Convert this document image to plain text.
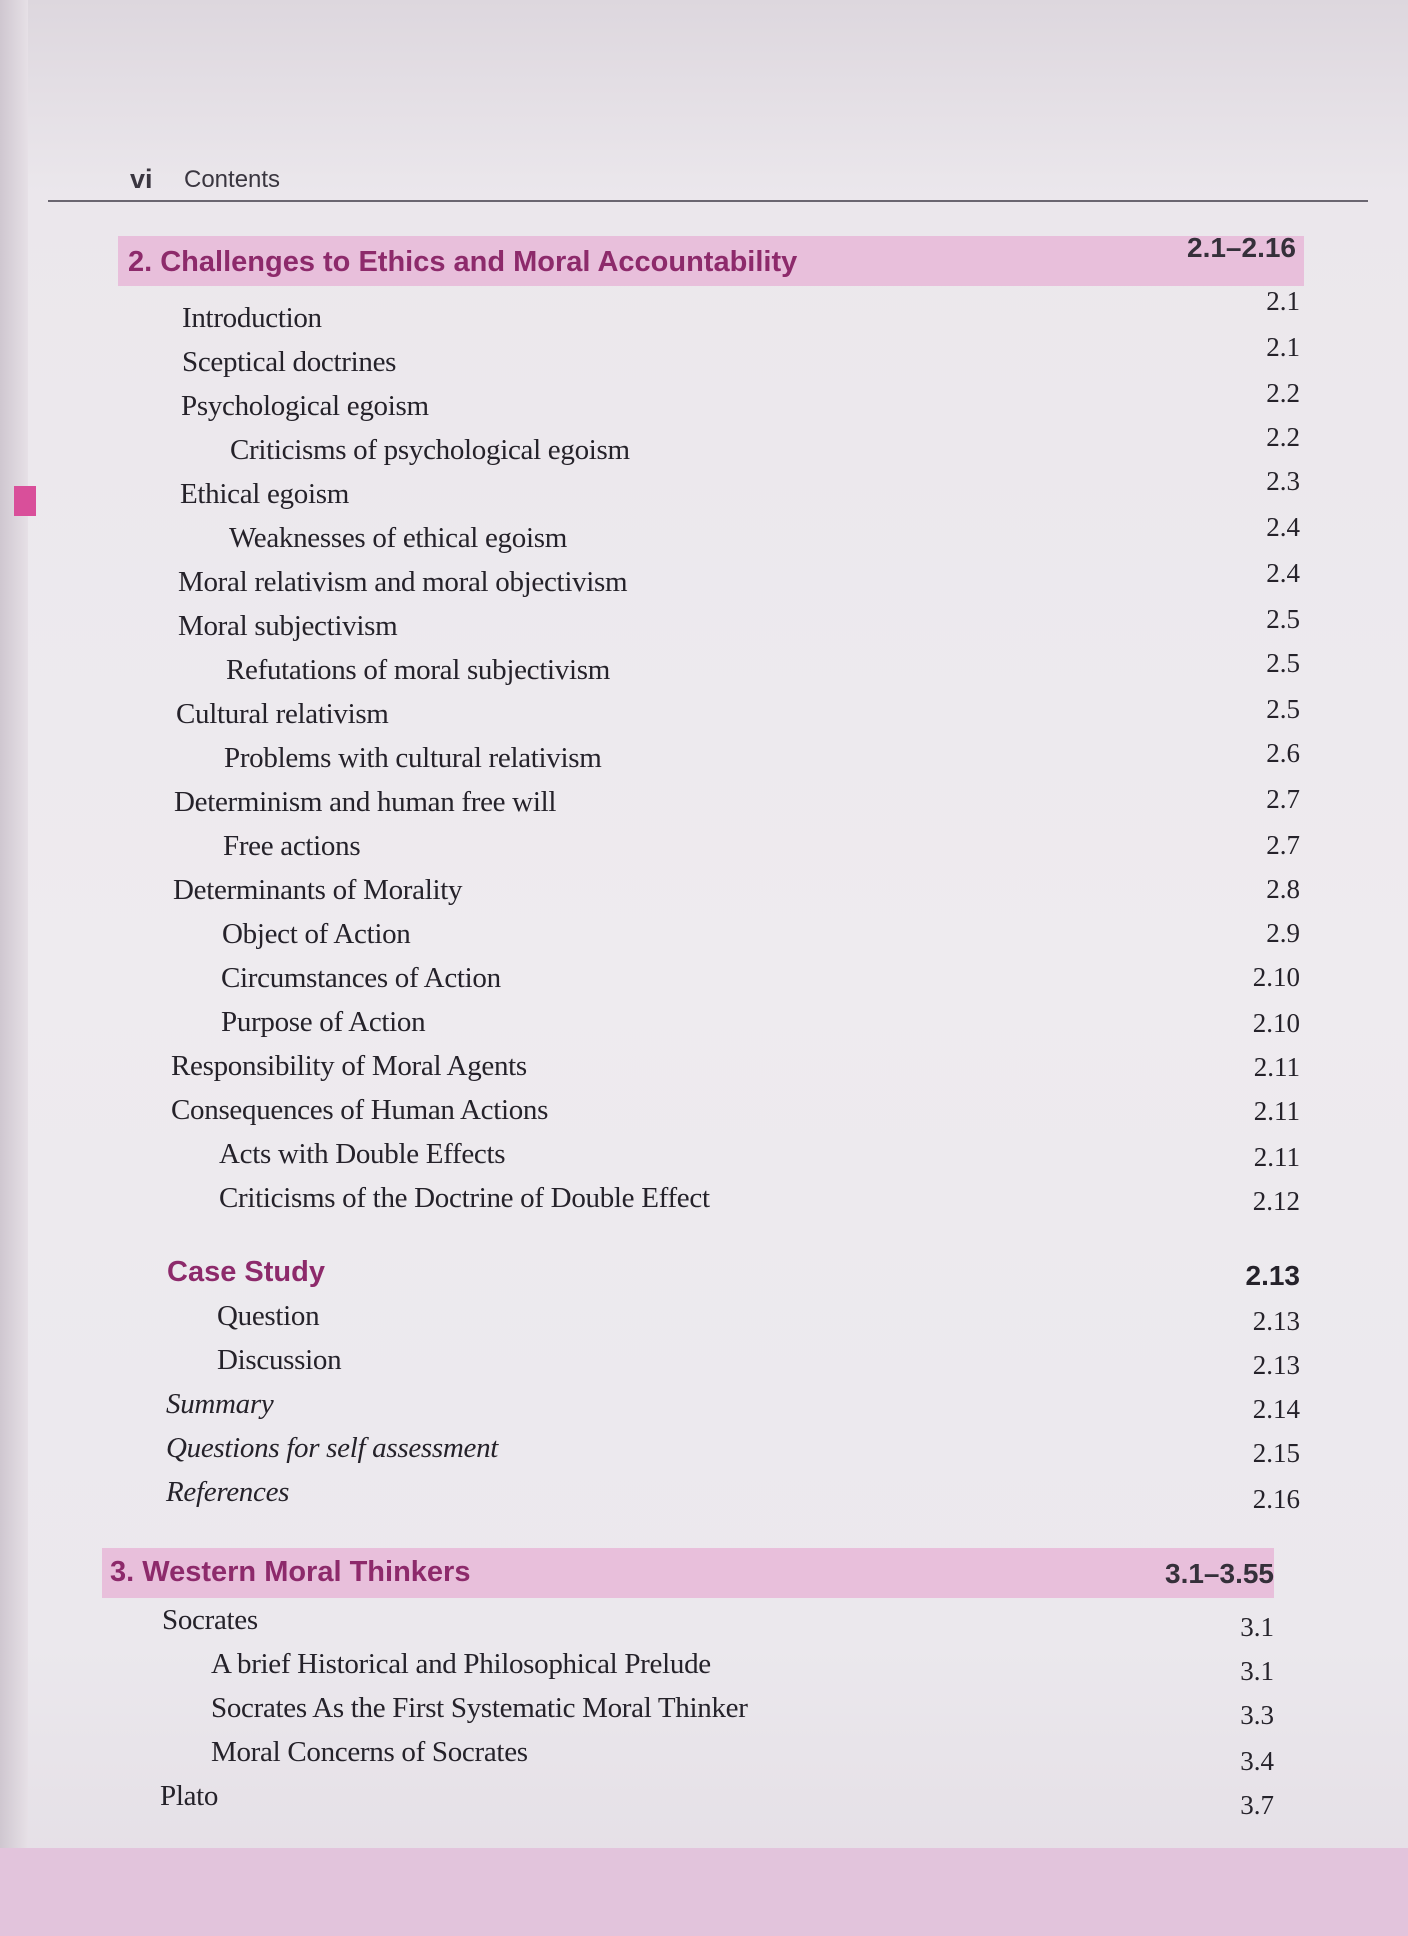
vi Contents
2. Challenges to Ethics and Moral Accountability	2.1–2.16
Introduction
Sceptical doctrines
Psychological egoism
Criticisms of psychological egoism
Ethical egoism
Weaknesses of ethical egoism
Moral relativism and moral objectivism
Moral subjectivism
Refutations of moral subjectivism
Cultural relativism
Problems with cultural relativism
Determinism and human free will
Free actions
Determinants of Morality
Object of Action
Circumstances of Action
Purpose of Action
Responsibility of Moral Agents
Consequences of Human Actions
Acts with Double Effects
Criticisms of the Doctrine of Double Effect
Case Study
Question
Discussion
Summary
Questions for self assessment
References
2.1
2.1
2.2
2.2
2.3
2.4
2.4
2.5
2.5
2.5
2.6
2.7
2.7
2.8
2.9
2.10
2.10
2.11
2.11
2.11
2.12
2.13
2.13
2.13
2.14
2.15
2.16
3. Western Moral Thinkers	3.1–3.55
Socrates
A brief Historical and Philosophical Prelude
Socrates As the First Systematic Moral Thinker
Moral Concerns of Socrates
Plato
3.1
3.1
3.3
3.4
3.7
